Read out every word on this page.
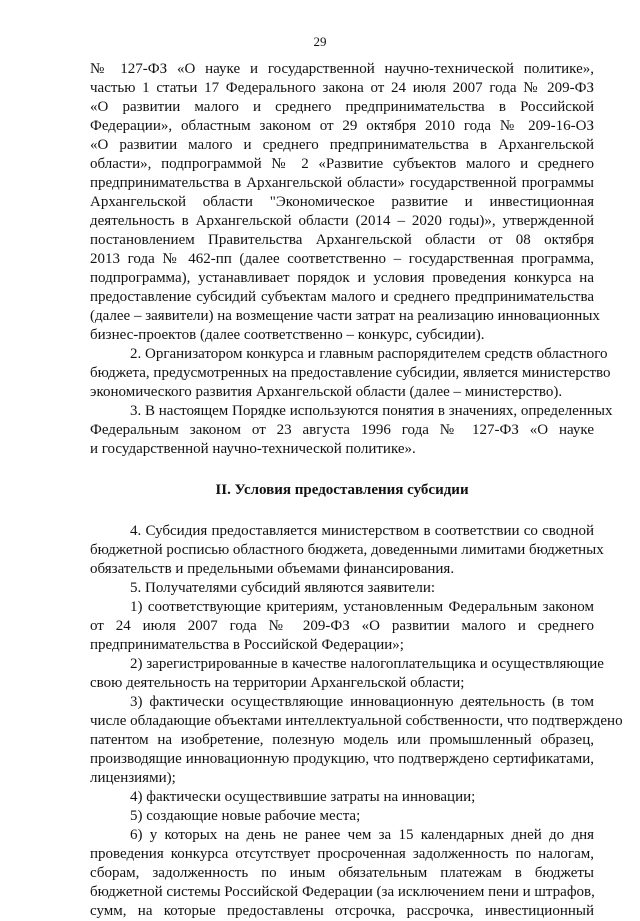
29
№ 127-ФЗ «О науке и государственной научно-технической политике»,
частью 1 статьи 17 Федерального закона от 24 июля 2007 года № 209-ФЗ
«О развитии малого и среднего предпринимательства в Российской
Федерации», областным законом от 29 октября 2010 года № 209-16-ОЗ
«О развитии малого и среднего предпринимательства в Архангельской
области», подпрограммой № 2 «Развитие субъектов малого и среднего
предпринимательства в Архангельской области» государственной программы
Архангельской области "Экономическое развитие и инвестиционная
деятельность в Архангельской области (2014 – 2020 годы)», утвержденной
постановлением Правительства Архангельской области от 08 октября
2013 года № 462-пп (далее соответственно – государственная программа,
подпрограмма), устанавливает порядок и условия проведения конкурса на
предоставление субсидий субъектам малого и среднего предпринимательства
(далее – заявители) на возмещение части затрат на реализацию инновационных
бизнес-проектов (далее соответственно – конкурс, субсидии).
2. Организатором конкурса и главным распорядителем средств областного
бюджета, предусмотренных на предоставление субсидии, является министерство
экономического развития Архангельской области (далее – министерство).
3. В настоящем Порядке используются понятия в значениях, определенных
Федеральным законом от 23 августа 1996 года № 127-ФЗ «О науке
и государственной научно-технической политике».
II. Условия предоставления субсидии
4. Субсидия предоставляется министерством в соответствии со сводной
бюджетной росписью областного бюджета, доведенными лимитами бюджетных
обязательств и предельными объемами финансирования.
5. Получателями субсидий являются заявители:
1) соответствующие критериям, установленным Федеральным законом
от 24 июля 2007 года № 209-ФЗ «О развитии малого и среднего
предпринимательства в Российской Федерации»;
2) зарегистрированные в качестве налогоплательщика и осуществляющие
свою деятельность на территории Архангельской области;
3) фактически осуществляющие инновационную деятельность (в том
числе обладающие объектами интеллектуальной собственности, что подтверждено
патентом на изобретение, полезную модель или промышленный образец,
производящие инновационную продукцию, что подтверждено сертификатами,
лицензиями);
4) фактически осуществившие затраты на инновации;
5) создающие новые рабочие места;
6) у которых на день не ранее чем за 15 календарных дней до дня
проведения конкурса отсутствует просроченная задолженность по налогам,
сборам, задолженность по иным обязательным платежам в бюджеты
бюджетной системы Российской Федерации (за исключением пени и штрафов,
сумм, на которые предоставлены отсрочка, рассрочка, инвестиционный
